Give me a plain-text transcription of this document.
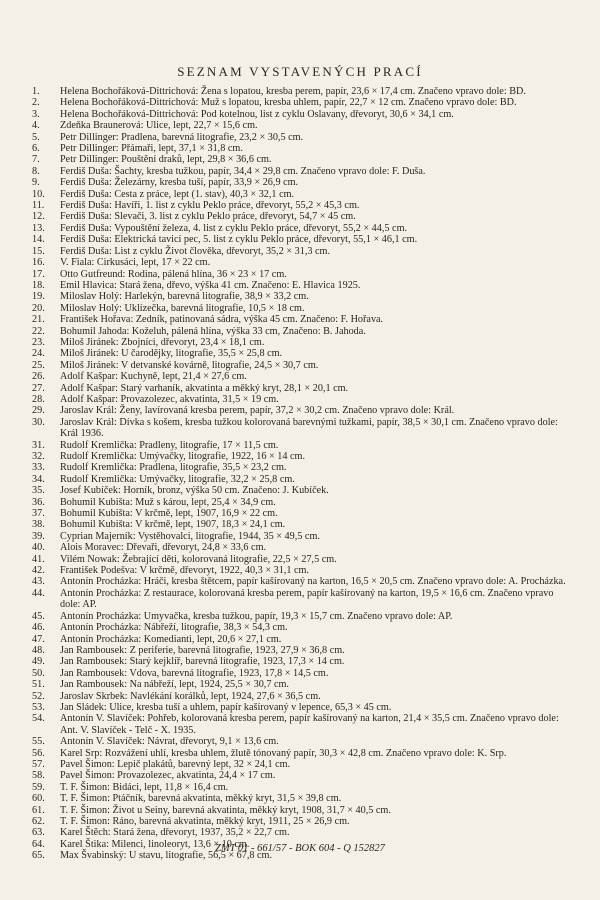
SEZNAM VYSTAVENÝCH PRACÍ
1.	Helena Bochořáková-Dittrichová: Žena s lopatou, kresba perem, papír, 23,6 × 17,4 cm. Značeno vpravo dole: BD.
2.	Helena Bochořáková-Dittrichová: Muž s lopatou, kresba uhlem, papír, 22,7 × 12 cm. Značeno vpravo dole: BD.
3.	Helena Bochořáková-Dittrichová: Pod kotelnou, list z cyklu Oslavany, dřevoryt, 30,6 × 34,1 cm.
4.	Zdeňka Braunerová: Ulice, lept, 22,7 × 15,6 cm.
5.	Petr Dillinger: Pradlena, barevná litografie, 23,2 × 30,5 cm.
6.	Petr Dillinger: Přámaři, lept, 37,1 × 31,8 cm.
7.	Petr Dillinger: Pouštění draků, lept, 29,8 × 36,6 cm.
8.	Ferdiš Duša: Šachty, kresba tužkou, papír, 34,4 × 29,8 cm. Značeno vpravo dole: F. Duša.
9.	Ferdiš Duša: Železárny, kresba tuší, papír, 33,9 × 26,9 cm.
10.	Ferdiš Duša: Cesta z práce, lept (1. stav), 40,3 × 32,1 cm.
11.	Ferdiš Duša: Havíři, 1. list z cyklu Peklo práce, dřevoryt, 55,2 × 45,3 cm.
12.	Ferdiš Duša: Slevači, 3. list z cyklu Peklo práce, dřevoryt, 54,7 × 45 cm.
13.	Ferdiš Duša: Vypouštění železa, 4. list z cyklu Peklo práce, dřevoryt, 55,2 × 44,5 cm.
14.	Ferdiš Duša: Elektrická tavicí pec, 5. list z cyklu Peklo práce, dřevoryt, 55,1 × 46,1 cm.
15.	Ferdiš Duša: List z cyklu Život člověka, dřevoryt, 35,2 × 31,3 cm.
16.	V. Fiala: Cirkusáci, lept, 17 × 22 cm.
17.	Otto Gutfreund: Rodina, pálená hlína, 36 × 23 × 17 cm.
18.	Emil Hlavica: Stará žena, dřevo, výška 41 cm. Značeno: E. Hlavica 1925.
19.	Miloslav Holý: Harlekýn, barevná litografie, 38,9 × 33,2 cm.
20.	Miloslav Holý: Uklízečka, barevná litografie, 10,5 × 18 cm.
21.	František Hořava: Zedník, patinovaná sádra, výška 45 cm. Značeno: F. Hořava.
22.	Bohumil Jahoda: Koželuh, pálená hlína, výška 33 cm, Značeno: B. Jahoda.
23.	Miloš Jiránek: Zbojníci, dřevoryt, 23,4 × 18,1 cm.
24.	Miloš Jiránek: U čarodějky, litografie, 35,5 × 25,8 cm.
25.	Miloš Jiránek: V detvanské kovárně, litografie, 24,5 × 30,7 cm.
26.	Adolf Kašpar: Kuchyně, lept, 21,4 × 27,6 cm.
27.	Adolf Kašpar: Starý varhaník, akvatinta a měkký kryt, 28,1 × 20,1 cm.
28.	Adolf Kašpar: Provazolezec, akvatinta, 31,5 × 19 cm.
29.	Jaroslav Král: Ženy, lavírovaná kresba perem, papír, 37,2 × 30,2 cm. Značeno vpravo dole: Král.
30.	Jaroslav Král: Dívka s košem, kresba tužkou kolorovaná barevnými tužkami, papír, 38,5 × 30,1 cm. Značeno vpravo dole: Král 1936.
31.	Rudolf Kremlička: Pradleny, litografie, 17 × 11,5 cm.
32.	Rudolf Kremlička: Umývačky, litografie, 1922, 16 × 14 cm.
33.	Rudolf Kremlička: Pradlena, litografie, 35,5 × 23,2 cm.
34.	Rudolf Kremlička: Umývačky, litografie, 32,2 × 25,8 cm.
35.	Josef Kubíček: Horník, bronz, výška 50 cm. Značeno: J. Kubíček.
36.	Bohumil Kubišta: Muž s károu, lept, 25,4 × 34,9 cm.
37.	Bohumil Kubišta: V krčmě, lept, 1907, 16,9 × 22 cm.
38.	Bohumil Kubišta: V krčmě, lept, 1907, 18,3 × 24,1 cm.
39.	Cyprian Majerník: Vystěhovalci, litografie, 1944, 35 × 49,5 cm.
40.	Alois Moravec: Dřevaři, dřevoryt, 24,8 × 33,6 cm.
41.	Vilém Nowak: Žebrající děti, kolorovaná litografie, 22,5 × 27,5 cm.
42.	František Podešva: V krčmě, dřevoryt, 1922, 40,3 × 31,1 cm.
43.	Antonín Procházka: Hráči, kresba štětcem, papír kašírovaný na karton, 16,5 × 20,5 cm. Značeno vpravo dole: A. Procházka.
44.	Antonín Procházka: Z restaurace, kolorovaná kresba perem, papír kašírovaný na karton, 19,5 × 16,6 cm. Značeno vpravo dole: AP.
45.	Antonín Procházka: Umyvačka, kresba tužkou, papír, 19,3 × 15,7 cm. Značeno vpravo dole: AP.
46.	Antonín Procházka: Nábřeží, litografie, 38,3 × 54,3 cm.
47.	Antonín Procházka: Komedianti, lept, 20,6 × 27,1 cm.
48.	Jan Rambousek: Z periferie, barevná litografie, 1923, 27,9 × 36,8 cm.
49.	Jan Rambousek: Starý kejklíř, barevná litografie, 1923, 17,3 × 14 cm.
50.	Jan Rambousek: Vdova, barevná litografie, 1923, 17,8 × 14,5 cm.
51.	Jan Rambousek: Na nábřeží, lept, 1924, 25,5 × 30,7 cm.
52.	Jaroslav Skrbek: Navlékání korálků, lept, 1924, 27,6 × 36,5 cm.
53.	Jan Sládek: Ulice, kresba tuší a uhlem, papír kašírovaný v lepence, 65,3 × 45 cm.
54.	Antonín V. Slavíček: Pohřeb, kolorovaná kresba perem, papír kašírovaný na karton, 21,4 × 35,5 cm. Značeno vpravo dole: Ant. V. Slavíček - Telč - X. 1935.
55.	Antonín V. Slavíček: Návrat, dřevoryt, 9,1 × 13,6 cm.
56.	Karel Srp: Rozvážení uhlí, kresba uhlem, žlutě tónovaný papír, 30,3 × 42,8 cm. Značeno vpravo dole: K. Srp.
57.	Pavel Šimon: Lepič plakátů, barevný lept, 32 × 24,1 cm.
58.	Pavel Šimon: Provazolezec, akvatinta, 24,4 × 17 cm.
59.	T. F. Šimon: Bidáci, lept, 11,8 × 16,4 cm.
60.	T. F. Šimon: Ptáčník, barevná akvatinta, měkký kryt, 31,5 × 39,8 cm.
61.	T. F. Šimon: Život u Seiny, barevná akvatinta, měkký kryt, 1908, 31,7 × 40,5 cm.
62.	T. F. Šimon: Ráno, barevná akvatinta, měkký kryt, 1911, 25 × 26,9 cm.
63.	Karel Štěch: Stará žena, dřevoryt, 1937, 35,2 × 22,7 cm.
64.	Karel Štika: Milenci, linoleoryt, 13,6 × 10 cm.
65.	Max Švabinský: U stavu, litografie, 56,5 × 67,8 cm.
ZMT 01 - 661/57 - BOK 604 - Q 152827
